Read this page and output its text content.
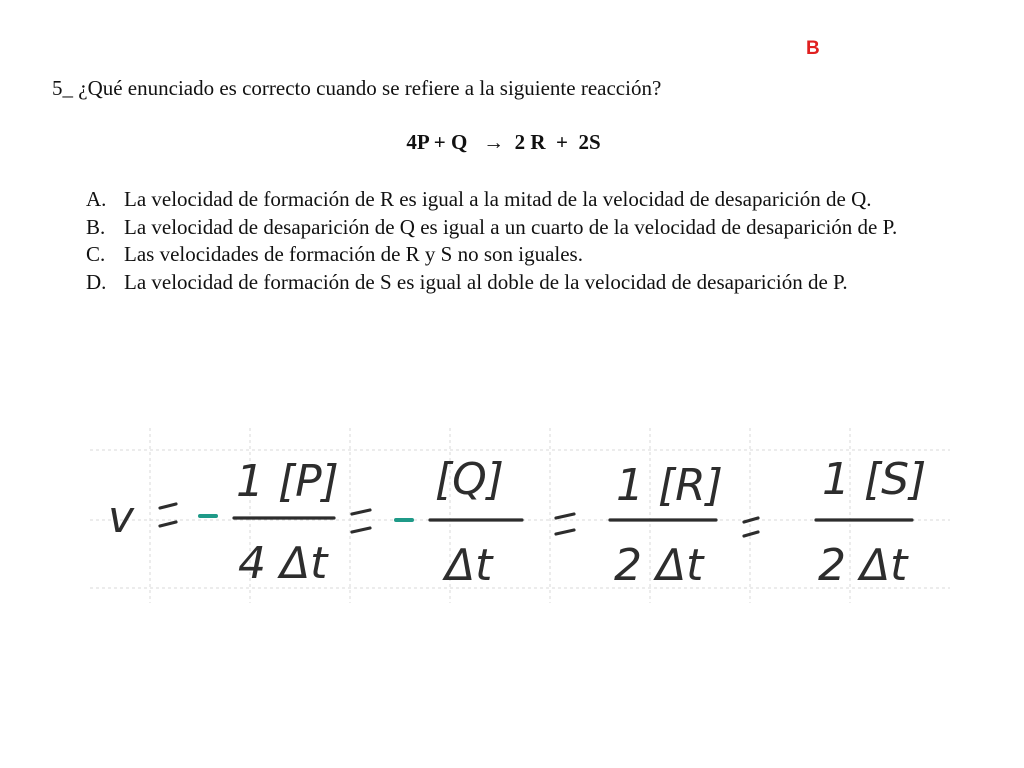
B
5_ ¿Qué enunciado es correcto cuando se refiere a la siguiente reacción?
4P + Q   →  2 R  +  2S
A. La velocidad de formación de R es igual a la mitad de la velocidad de desaparición de Q.
B. La velocidad de desaparición de Q es igual a un cuarto de la velocidad de desaparición de P.
C. Las velocidades de formación de R y S no son iguales.
D. La velocidad de formación de S es igual al doble de la velocidad de desaparición de P.
v
1 [P]
4 Δt
[Q]
Δt
1 [R]
2 Δt
1 [S]
2 Δt
